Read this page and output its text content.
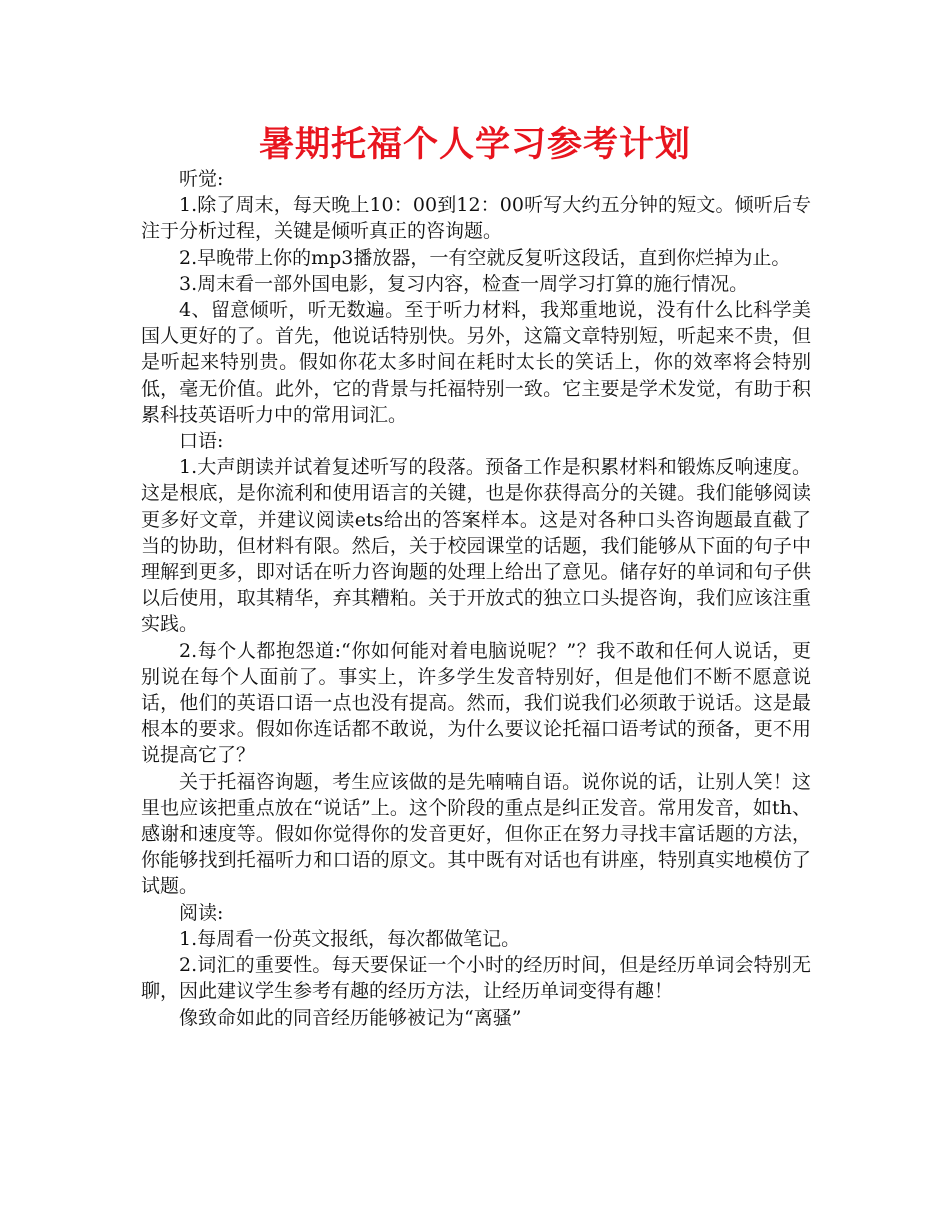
暑期托福个人学习参考计划

听觉:

1.除了周末，每天晚上10：00到12：00听写大约五分钟的短文。倾听后专注于分析过程，关键是倾听真正的咨询题。

2.早晚带上你的mp3播放器，一有空就反复听这段话，直到你烂掉为止。

3.周末看一部外国电影，复习内容，检查一周学习打算的施行情况。

4、留意倾听，听无数遍。至于听力材料，我郑重地说，没有什么比科学美国人更好的了。首先，他说话特别快。另外，这篇文章特别短，听起来不贵，但是听起来特别贵。假如你花太多时间在耗时太长的笑话上，你的效率将会特别低，毫无价值。此外，它的背景与托福特别一致。它主要是学术发觉，有助于积累科技英语听力中的常用词汇。

口语:

1.大声朗读并试着复述听写的段落。预备工作是积累材料和锻炼反响速度。这是根底，是你流利和使用语言的关键，也是你获得高分的关键。我们能够阅读更多好文章，并建议阅读ets给出的答案样本。这是对各种口头咨询题最直截了当的协助，但材料有限。然后，关于校园课堂的话题，我们能够从下面的句子中理解到更多，即对话在听力咨询题的处理上给出了意见。储存好的单词和句子供以后使用，取其精华，弃其糟粕。关于开放式的独立口头提咨询，我们应该注重实践。

2.每个人都抱怨道:“你如何能对着电脑说呢？”？我不敢和任何人说话，更别说在每个人面前了。事实上，许多学生发音特别好，但是他们不断不愿意说话，他们的英语口语一点也没有提高。然而，我们说我们必须敢于说话。这是最根本的要求。假如你连话都不敢说，为什么要议论托福口语考试的预备，更不用说提高它了？

关于托福咨询题，考生应该做的是先喃喃自语。说你说的话，让别人笑！这里也应该把重点放在“说话”上。这个阶段的重点是纠正发音。常用发音，如th、感谢和速度等。假如你觉得你的发音更好，但你正在努力寻找丰富话题的方法，你能够找到托福听力和口语的原文。其中既有对话也有讲座，特别真实地模仿了试题。

阅读:

1.每周看一份英文报纸，每次都做笔记。

2.词汇的重要性。每天要保证一个小时的经历时间，但是经历单词会特别无聊，因此建议学生参考有趣的经历方法，让经历单词变得有趣！

像致命如此的同音经历能够被记为“离骚”
